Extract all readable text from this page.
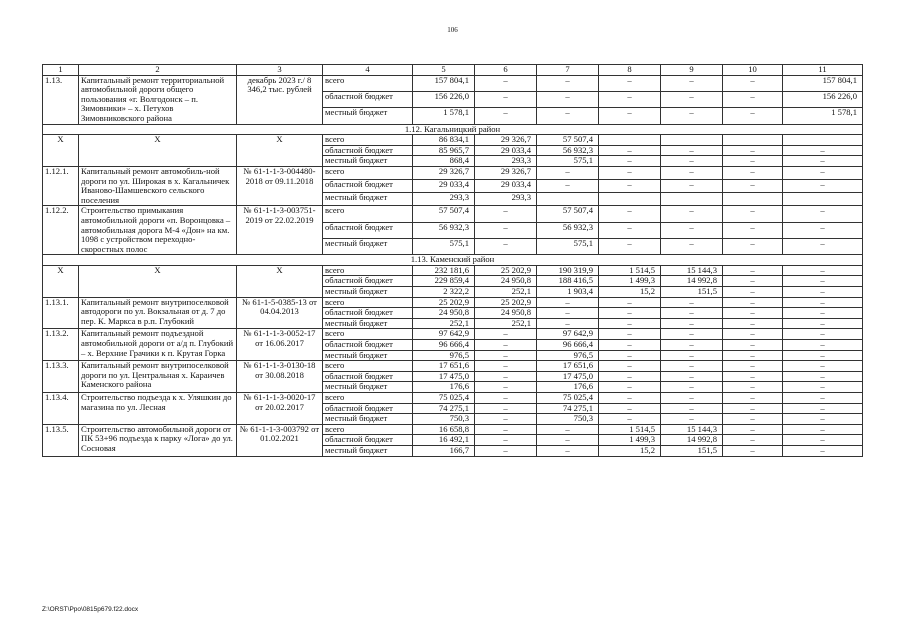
106
1	2	3	4	5	6	7	8	9	10	11
1.13.	Капитальный ремонт территориальной автомобильной дороги общего пользования «г. Волгодонск – п. Зимовники» – х. Петухов Зимовниковского района	декабрь 2023 г./ 8 346,2 тыс. рублей	всего	157 804,1	–	–	–	–	–	157 804,1
			областной бюджет	156 226,0	–	–	–	–	–	156 226,0
			местный бюджет	1 578,1	–	–	–	–	–	1 578,1
1.12. Кагальницкий район										
Х	Х	Х	всего	86 834,1	29 326,7	57 507,4				
			областной бюджет	85 965,7	29 033,4	56 932,3	–	–	–	–
			местный бюджет	868,4	293,3	575,1	–	–	–	–
1.12.1.	Капитальный ремонт автомобиль-ной дороги по ул. Широкая в х. Кагальничек Иваново-Шамшевского сельского поселения	№ 61-1-1-3-004480-2018 от 09.11.2018	всего	29 326,7	29 326,7	–	–	–	–	–
			областной бюджет	29 033,4	29 033,4	–	–	–	–	–
			местный бюджет	293,3	293,3					
1.12.2.	Строительство примыкания автомобильной дороги «п. Воронцовка – автомобильная дорога М-4 «Дон» на км. 1098 с устройством переходно-скоростных полос	№ 61-1-1-3-003751-2019 от 22.02.2019	всего	57 507,4	–	57 507,4	–	–	–	–
			областной бюджет	56 932,3	–	56 932,3	–	–	–	–
			местный бюджет	575,1	–	575,1	–	–	–	–
1.13. Каменский район										
Х	Х	Х	всего	232 181,6	25 202,9	190 319,9	1 514,5	15 144,3	–	–
			областной бюджет	229 859,4	24 950,8	188 416,5	1 499,3	14 992,8	–	–
			местный бюджет	2 322,2	252,1	1 903,4	15,2	151,5	–	–
1.13.1.	Капитальный ремонт внутрипоселковой автодороги по ул. Вокзальная от д. 7 до пер. К. Маркса в р.п. Глубокий	№ 61-1-5-0385-13 от 04.04.2013	всего	25 202,9	25 202,9	–	–	–	–	–
			областной бюджет	24 950,8	24 950,8	–	–	–	–	–
			местный бюджет	252,1	252,1	–	–	–	–	–
1.13.2.	Капитальный ремонт подъездной автомобильной дороги от а/д п. Глубокий – х. Верхние Грачики к п. Крутая Горка	№ 61-1-1-3-0052-17 от 16.06.2017	всего	97 642,9	–	97 642,9	–	–	–	–
			областной бюджет	96 666,4	–	96 666,4	–	–	–	–
			местный бюджет	976,5	–	976,5	–	–	–	–
1.13.3.	Капитальный ремонт внутрипоселковой дороги по ул. Центральная х. Караичев Каменского района	№ 61-1-1-3-0130-18 от 30.08.2018	всего	17 651,6	–	17 651,6	–	–	–	–
			областной бюджет	17 475,0	–	17 475,0	–	–	–	–
			местный бюджет	176,6	–	176,6	–	–	–	–
1.13.4.	Строительство подъезда к х. Уляшкин до магазина по ул. Лесная	№ 61-1-1-3-0020-17 от 20.02.2017	всего	75 025,4	–	75 025,4	–	–	–	–
			областной бюджет	74 275,1	–	74 275,1	–	–	–	–
			местный бюджет	750,3	–	750,3	–	–	–	–
1.13.5.	Строительство автомобильной дороги от ПК 53+96 подъезда к парку «Лога» до ул. Сосновая	№ 61-1-1-3-003792 от 01.02.2021	всего	16 658,8	–	–	1 514,5	15 144,3	–	–
			областной бюджет	16 492,1	–	–	1 499,3	14 992,8	–	–
			местный бюджет	166,7	–	–	15,2	151,5	–	–
Z:\ORST\Ppo\0815p679.f22.docx
